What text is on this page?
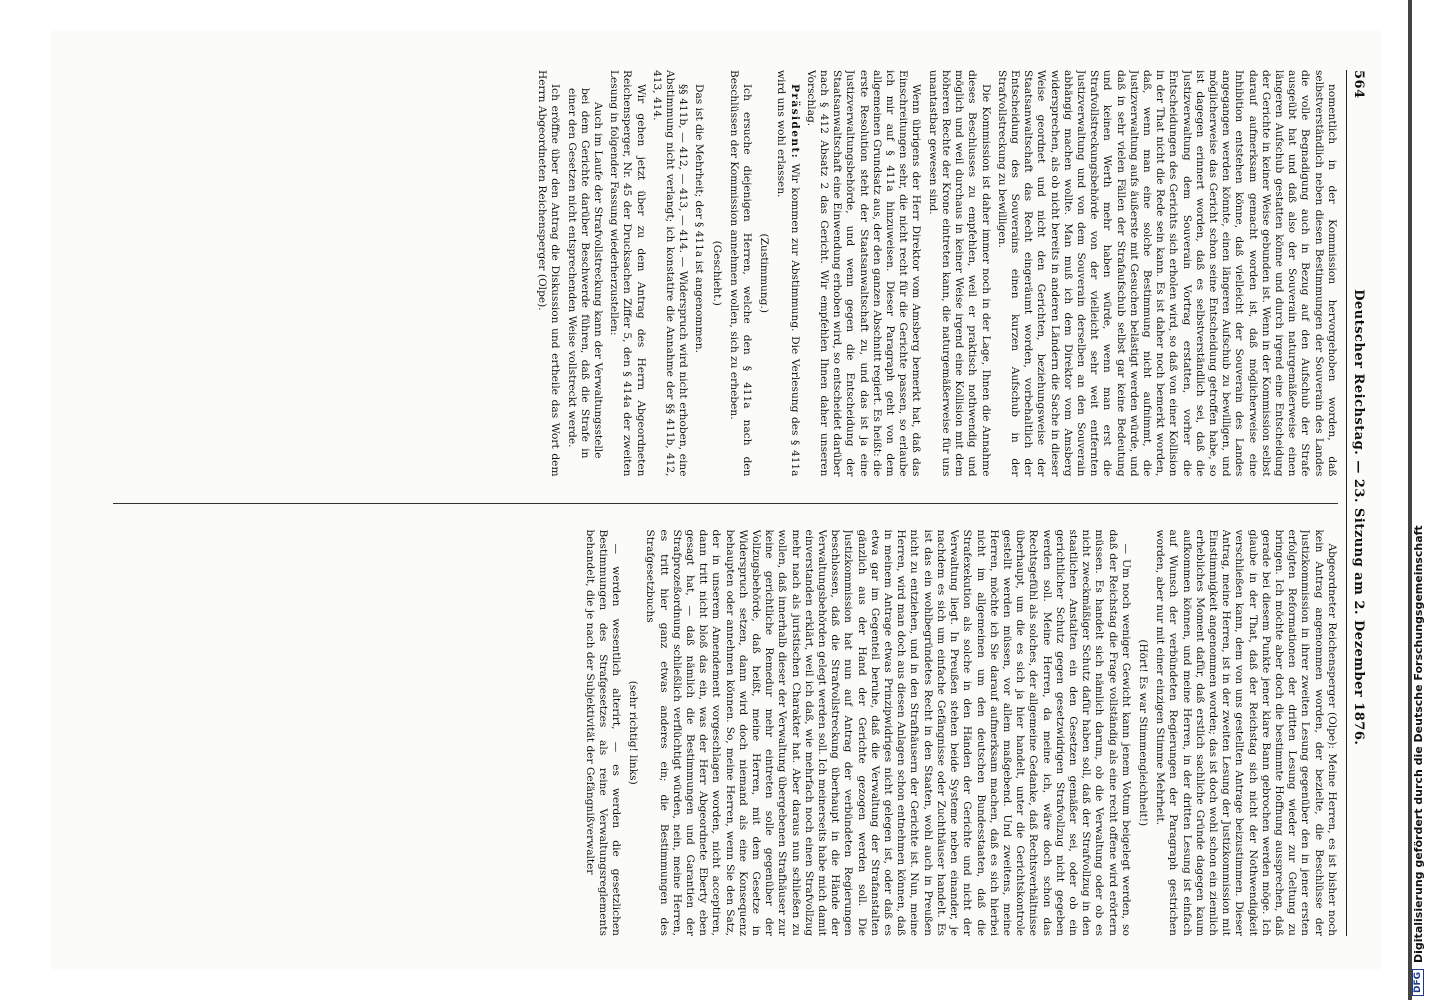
564
Deutscher Reichstag. — 23. Sitzung am 2. Dezember 1876.

nomentlich in der Kommission hervorgehoben worden, daß selbstverständlich neben diesen Bestimmungen der Souverain des Landes die volle Begnadigung auch in Bezug auf den Aufschub der Strafe ausgeübt hat und daß also der Souverain naturgemäßerweise einen längeren Aufschub gestatten könne und durch irgend eine Entscheidung der Gerichte in keiner Weise gebunden ist. Wenn in der Kommission selbst darauf aufmerksam gemacht worden ist, daß möglicherweise eine Inhibition entstehen könne, daß vielleicht der Souverain des Landes angegangen werden könnte, einen längeren Aufschub zu bewilligen, und möglicherweise das Gericht schon seine Entscheidung getroffen habe, so ist dagegen erinnert worden, daß es selbstverständlich sei, daß die Justizverwaltung dem Souverain Vortrag erstatten, vorher die Entscheidungen des Gerichts sich erholen wird, so daß von einer Kollision in der That nicht die Rede sein kann. Es ist daher noch bemerkt worden, daß, wenn man eine solche Bestimmung nicht aufnimmt, die Justizverwaltung aufs äußerste mit Gesuchen belästigt werden würde, und daß in sehr vielen Fällen der Strafaufschub selbst gar keine Bedeutung und keinen Werth mehr haben würde, wenn man erst die Strafvollstreckungsbehörde von der vielleicht sehr weit entfernten Justizverwaltung und von dem Souverain derselben an den Souverain abhängig machen wollte. Man muß ich dem Direktor vom Amsberg widersprechen, als ob nicht bereits in anderen Ländern die Sache in dieser Weise geordnet und nicht den Gerichten, beziehungsweise der Staatsanwaltschaft das Recht eingeräumt worden, vorbehaltlich der Entscheidung des Souverains einen kurzen Aufschub in der Strafvollstreckung zu bewilligen.

Die Kommission ist daher immer noch in der Lage, Ihnen die Annahme dieses Beschlusses zu empfehlen, weil er praktisch nothwendig und möglich und weil durchaus in keiner Weise irgend eine Kollision mit dem höheren Rechte der Krone eintreten kann, die naturgemäßerweise für uns unantastbar gewesen sind.

Wenn übrigens der Herr Direktor vom Amsberg bemerkt hat, daß das Einschreitungen sehr, die nicht recht für die Gerichte passen, so erlaube ich mir auf § 411a hinzuweisen. Dieser Paragraph geht von dem allgemeinen Grundsatz aus, der den ganzen Abschnitt regiert. Es heißt: die erste Resolution steht der Staatsanwaltschaft zu, und das ist ja eine Justizverwaltungsbehörde, und wenn gegen die Entscheidung der Staatsanwaltschaft eine Einwendung erhoben wird, so entscheidet darüber nach § 412 Absatz 2 das Gericht. Wir empfehlen Ihnen daher unseren Vorschlag.

Präsident: Wir kommen zur Abstimmung. Die Verlesung des § 411a wird uns wohl erlassen.

(Zustimmung.)

Ich ersuche diejenigen Herren, welche den § 411a nach den Beschlüssen der Kommission annehmen wollen, sich zu erheben.

(Geschieht.)

Das ist die Mehrheit; der § 411a ist angenommen.

§§ 411b, — 412, — 413, — 414. — Widerspruch wird nicht erhoben, eine Abstimmung nicht verlangt; ich konstatire die Annahme der §§ 411b, 412, 413, 414.

Wir gehen jetzt über zu dem Antrag des Herrn Abgeordneten Reichensperger, Nr. 45 der Drucksachen Ziffer 5, den § 414a der zweiten Lesung in folgender Fassung wiederherzustellen:

Auch im Laufe der Strafvollstreckung kann der Verwaltungsstelle bei dem Gerichte darüber Beschwerde führen, daß die Strafe in einer den Gesetzen nicht entsprechenden Weise vollstreckt werde.

Ich eröffne über den Antrag die Diskussion und ertheile das Wort dem Herrn Abgeordneten Reichensperger (Olpe).

Abgeordneter Reichensperger (Olpe): Meine Herren, es ist bisher noch kein Antrag angenommen worden, der bezielte, die Beschlüsse der Justizkommission in ihrer zweiten Lesung gegenüber den in jener ersten erfolgten Reformationen der dritten Lesung wieder zur Geltung zu bringen. Ich möchte aber doch die bestimmte Hoffnung aussprechen, daß gerade bei diesem Punkte jener klare Bann gebrochen werden möge. Ich glaube in der That, daß der Reichstag sich nicht der Nothwendigkeit verschließen kann, dem von uns gestellten Antrage beizustimmen. Dieser Antrag, meine Herren, ist in der zweiten Lesung der Justizkommission mit Einstimmigkeit angenommen worden; das ist doch wohl schon ein ziemlich erhebliches Moment dafür, daß erstlich sachliche Gründe dagegen kaum aufkommen können, und meine Herren, in der dritten Lesung ist einfach auf Wunsch der verbündeten Regierungen der Paragraph gestrichen worden, aber nur mit einer einzigen Stimme Mehrheit.

(Hört! Es war Stimmengleichheit!)

— Um noch weniger Gewicht kann jenem Votum beigelegt werden, so daß der Reichstag die Frage vollständig als eine recht offene wird erörtern müssen. Es handelt sich nämlich darum, ob die Verwaltung oder ob es nicht zweckmäßiger Schutz dafür haben soll, daß der Strafvollzug in den staatlichen Anstalten ein den Gesetzen gemäßer sei, oder ob ein gerichtlicher Schutz gegen gesetzwidrigen Strafvollzug nicht gegeben werden soll. Meine Herren, da meine ich, wäre doch schon das Rechtsgefühl als solches, der allgemeine Gedanke, daß Rechtsverhältnisse überhaupt, um die es sich ja hier handelt, unter die Gerichtskontrole gestellt werden müssen, vor allem maßgebend. Und zweitens, meine Herren, möchte ich Sie darauf aufmerksam machen, daß es sich hierbei nicht im allgemeinen um den deutschen Bundesstaaten, daß die Strafexekution als solche in den Händen der Gerichte und nicht der Verwaltung liegt. In Preußen stehen beide Systeme neben einander, je nachdem es sich um einfache Gefängnisse oder Zuchthäuser handelt. Es ist das ein wohlbegründetes Recht in den Staaten, wohl auch in Preußen nicht zu entziehen, und in den Strafhäusern der Gerichte ist. Nun, meine Herren, wird man doch aus diesen Anlagen schon entnehmen können, daß in meinem Antrage etwas Prinzipwidriges nicht gelegen ist, oder daß es etwa gar im Gegenteil beruhe, daß die Verwaltung der Strafanstalten gänzlich aus der Hand der Gerichte gezogen werden soll. Die Justizkommission hat nun auf Antrag der verbündeten Regierungen beschlossen, daß die Strafvollstreckung überhaupt in die Hände der Verwaltungsbehörden gelegt werden soll. Ich meinerseits habe mich damit einverstanden erklärt, weil ich daß, wie mehrfach noch einen Strafvollzug mehr nach als juristischen Charakter hat. Aber daraus nun schließen zu wollen, daß innerhalb dieser der Verwaltung übergebenen Strafhäuser zur keine gerichtliche Remedur mehr eintreten solle gegenüber der Vollzugsbehörde, daß heißt, meine Herren, mit dem Gesetze in Widerspruch setzen, dann wird doch niemand als eine Konsequenz behaupten oder annehmen können. So, meine Herren, wenn Sie den Satz, der in unserem Amendement vorgeschlagen worden, nicht acceptiren, dann tritt nicht bloß das ein, was der Herr Abgeordnete Eberty eben gesagt hat, — daß nämlich die Bestimmungen und Garantien der Strafprozeßordnung schließlich verflüchtigt würden, nein, meine Herren, es tritt hier ganz etwas anderes ein; die Bestimmungen des Strafgesetzbuchs

(sehr richtig! links)

— werden wesentlich alterirt, — es werden die gesetzlichen Bestimmungen des Strafgesetzes als reine Verwaltungsreglements behandelt, die je nach der Subjektivität der Gefängnißverwalter

DFG
Digitalisierung gefördert durch die Deutsche Forschungsgemeinschaft
